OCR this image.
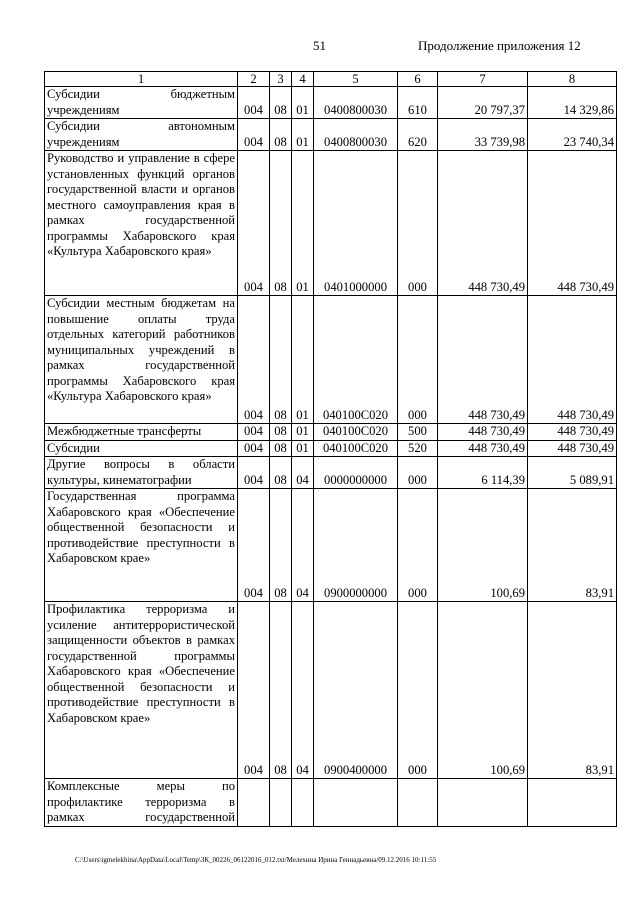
51	Продолжение приложения 12
1	2	3	4	5	6	7	8
Субсидии бюджетным учреждениям	004	08	01	0400800030	610	20 797,37	14 329,86
Субсидии автономным учреждениям	004	08	01	0400800030	620	33 739,98	23 740,34
Руководство и управление в сфере установленных функций органов государственной власти и органов местного самоуправления края в рамках государственной программы Хабаровского края «Культура Хабаровского края»	004	08	01	0401000000	000	448 730,49	448 730,49
Субсидии местным бюджетам на повышение оплаты труда отдельных категорий работников муниципальных учреждений в рамках государственной программы Хабаровского края «Культура Хабаровского края»	004	08	01	040100С020	000	448 730,49	448 730,49
Межбюджетные трансферты	004	08	01	040100С020	500	448 730,49	448 730,49
Субсидии	004	08	01	040100С020	520	448 730,49	448 730,49
Другие вопросы в области культуры, кинематографии	004	08	04	0000000000	000	6 114,39	5 089,91
Государственная программа Хабаровского края «Обеспечение общественной безопасности и противодействие преступности в Хабаровском крае»	004	08	04	0900000000	000	100,69	83,91
Профилактика терроризма и усиление антитеррористической защищенности объектов в рамках государственной программы Хабаровского края «Обеспечение общественной безопасности и противодействие преступности в Хабаровском крае»	004	08	04	0900400000	000	100,69	83,91
Комплексные меры по профилактике терроризма в рамках государственной							
C:\Users\igmelekhina\AppData\Local\Temp\ЗК_00226_06122016_012.txt/Мелехина Ирина Геннадьевна/09.12.2016 10:11:55
